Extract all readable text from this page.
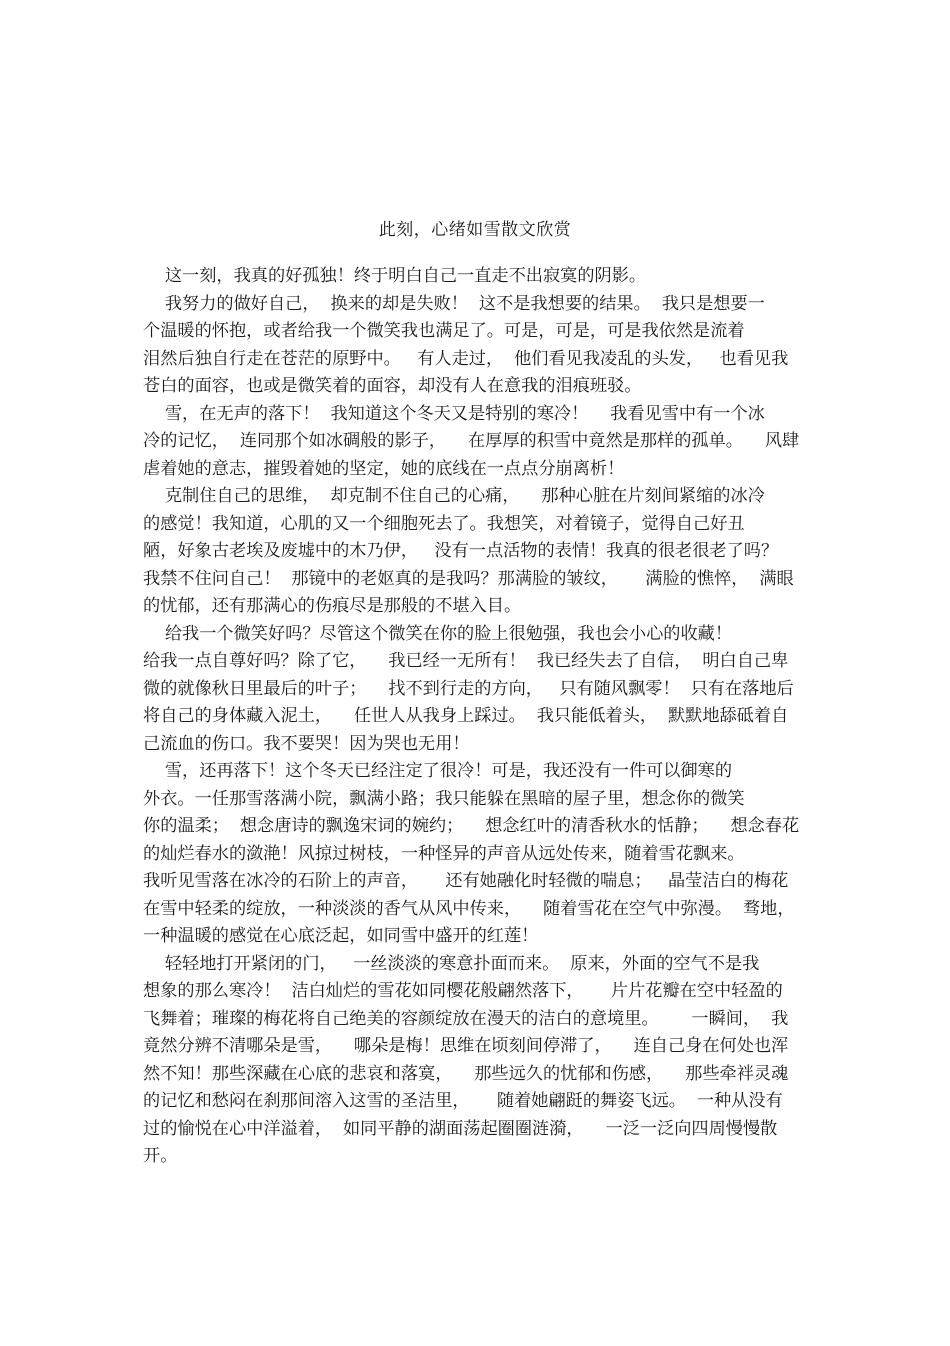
此刻，心绪如雪散文欣赏
这一刻，我真的好孤独！终于明白自己一直走不出寂寞的阴影。
我努力的做好自己，  换来的却是失败！  这不是我想要的结果。  我只是想要一
个温暖的怀抱，或者给我一个微笑我也满足了。可是，可是，可是我依然是流着
泪然后独自行走在苍茫的原野中。   有人走过，  他们看见我凌乱的头发，   也看见我
苍白的面容，也或是微笑着的面容，却没有人在意我的泪痕班驳。
雪，在无声的落下！  我知道这个冬天又是特别的寒冷！    我看见雪中有一个冰
冷的记忆，  连同那个如冰碉般的影子，    在厚厚的积雪中竟然是那样的孤单。    风肆
虐着她的意志，摧毁着她的坚定，她的底线在一点点分崩离析！
克制住自己的思维，  却克制不住自己的心痛，    那种心脏在片刻间紧缩的冰冷
的感觉！我知道，心肌的又一个细胞死去了。我想笑，对着镜子，觉得自己好丑
陋，好象古老埃及废墟中的木乃伊，   没有一点活物的表情！我真的很老很老了吗？
我禁不住问自己！  那镜中的老妪真的是我吗？那满脸的皱纹，     满脸的憔悴，  满眼
的忧郁，还有那满心的伤痕尽是那般的不堪入目。
给我一个微笑好吗？尽管这个微笑在你的脸上很勉强，我也会小心的收藏！
给我一点自尊好吗？除了它，    我已经一无所有！  我已经失去了自信，  明白自己卑
微的就像秋日里最后的叶子；    找不到行走的方向，   只有随风飘零！  只有在落地后
将自己的身体藏入泥土，    任世人从我身上踩过。  我只能低着头，  默默地舔砥着自
己流血的伤口。我不要哭！因为哭也无用！
雪，还再落下！这个冬天已经注定了很冷！可是，我还没有一件可以御寒的
外衣。一任那雪落满小院，飘满小路；我只能躲在黑暗的屋子里，想念你的微笑
你的温柔；  想念唐诗的飘逸宋词的婉约；    想念红叶的清香秋水的恬静；    想念春花
的灿烂春水的潋滟！风掠过树枝，一种怪异的声音从远处传来，随着雪花飘来。
我听见雪落在冰冷的石阶上的声音，     还有她融化时轻微的喘息；   晶莹洁白的梅花
在雪中轻柔的绽放，一种淡淡的香气从风中传来，    随着雪花在空气中弥漫。  骛地，
一种温暖的感觉在心底泛起，如同雪中盛开的红莲！
轻轻地打开紧闭的门，   一丝淡淡的寒意扑面而来。  原来，外面的空气不是我
想象的那么寒冷！  洁白灿烂的雪花如同樱花般翩然落下，     片片花瓣在空中轻盈的
飞舞着；璀璨的梅花将自己绝美的容颜绽放在漫天的洁白的意境里。      一瞬间，  我
竟然分辨不清哪朵是雪，    哪朵是梅！思维在顷刻间停滞了，    连自己身在何处也浑
然不知！那些深藏在心底的悲哀和落寞，    那些远久的忧郁和伤感，    那些牵袢灵魂
的记忆和愁闷在刹那间溶入这雪的圣洁里，     随着她翩跹的舞姿飞远。  一种从没有
过的愉悦在心中洋溢着，  如同平静的湖面荡起圈圈涟漪，    一泛一泛向四周慢慢散
开。
